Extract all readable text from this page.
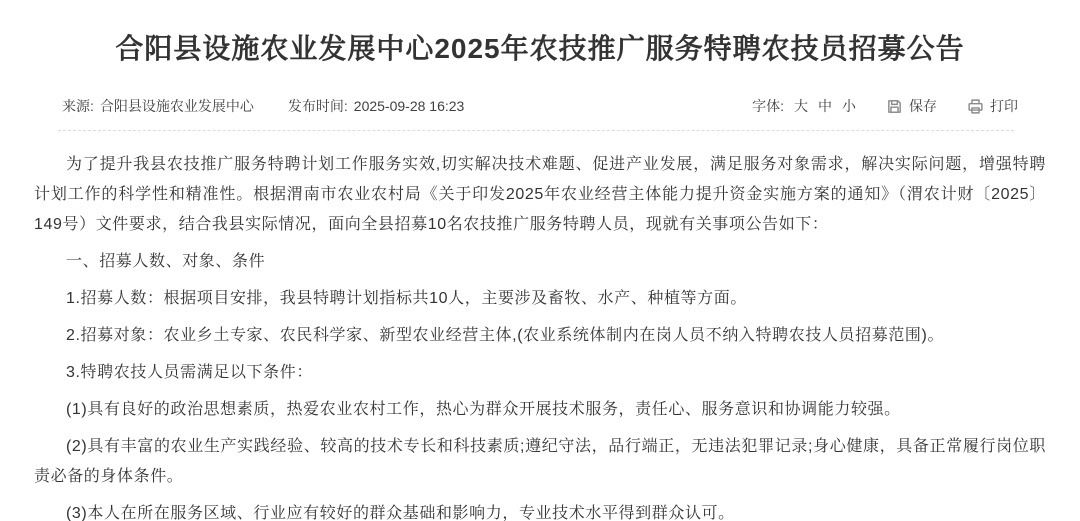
合阳县设施农业发展中心2025年农技推广服务特聘农技员招募公告
来源: 合阳县设施农业发展中心 发布时间: 2025-09-28 16:23	字体: 大 中 小	保存	打印

为了提升我县农技推广服务特聘计划工作服务实效,切实解决技术难题、促进产业发展，满足服务对象需求，解决实际问题，增强特聘计划工作的科学性和精准性。根据渭南市农业农村局《关于印发2025年农业经营主体能力提升资金实施方案的通知》（渭农计财〔2025〕149号）文件要求，结合我县实际情况，面向全县招募10名农技推广服务特聘人员，现就有关事项公告如下：

一、招募人数、对象、条件

1.招募人数：根据项目安排，我县特聘计划指标共10人，主要涉及畜牧、水产、种植等方面。

2.招募对象：农业乡土专家、农民科学家、新型农业经营主体,(农业系统体制内在岗人员不纳入特聘农技人员招募范围)。

3.特聘农技人员需满足以下条件：

(1)具有良好的政治思想素质，热爱农业农村工作，热心为群众开展技术服务，责任心、服务意识和协调能力较强。

(2)具有丰富的农业生产实践经验、较高的技术专长和科技素质;遵纪守法，品行端正，无违法犯罪记录;身心健康，具备正常履行岗位职责必备的身体条件。

(3)本人在所在服务区域、行业应有较好的群众基础和影响力，专业技术水平得到群众认可。
